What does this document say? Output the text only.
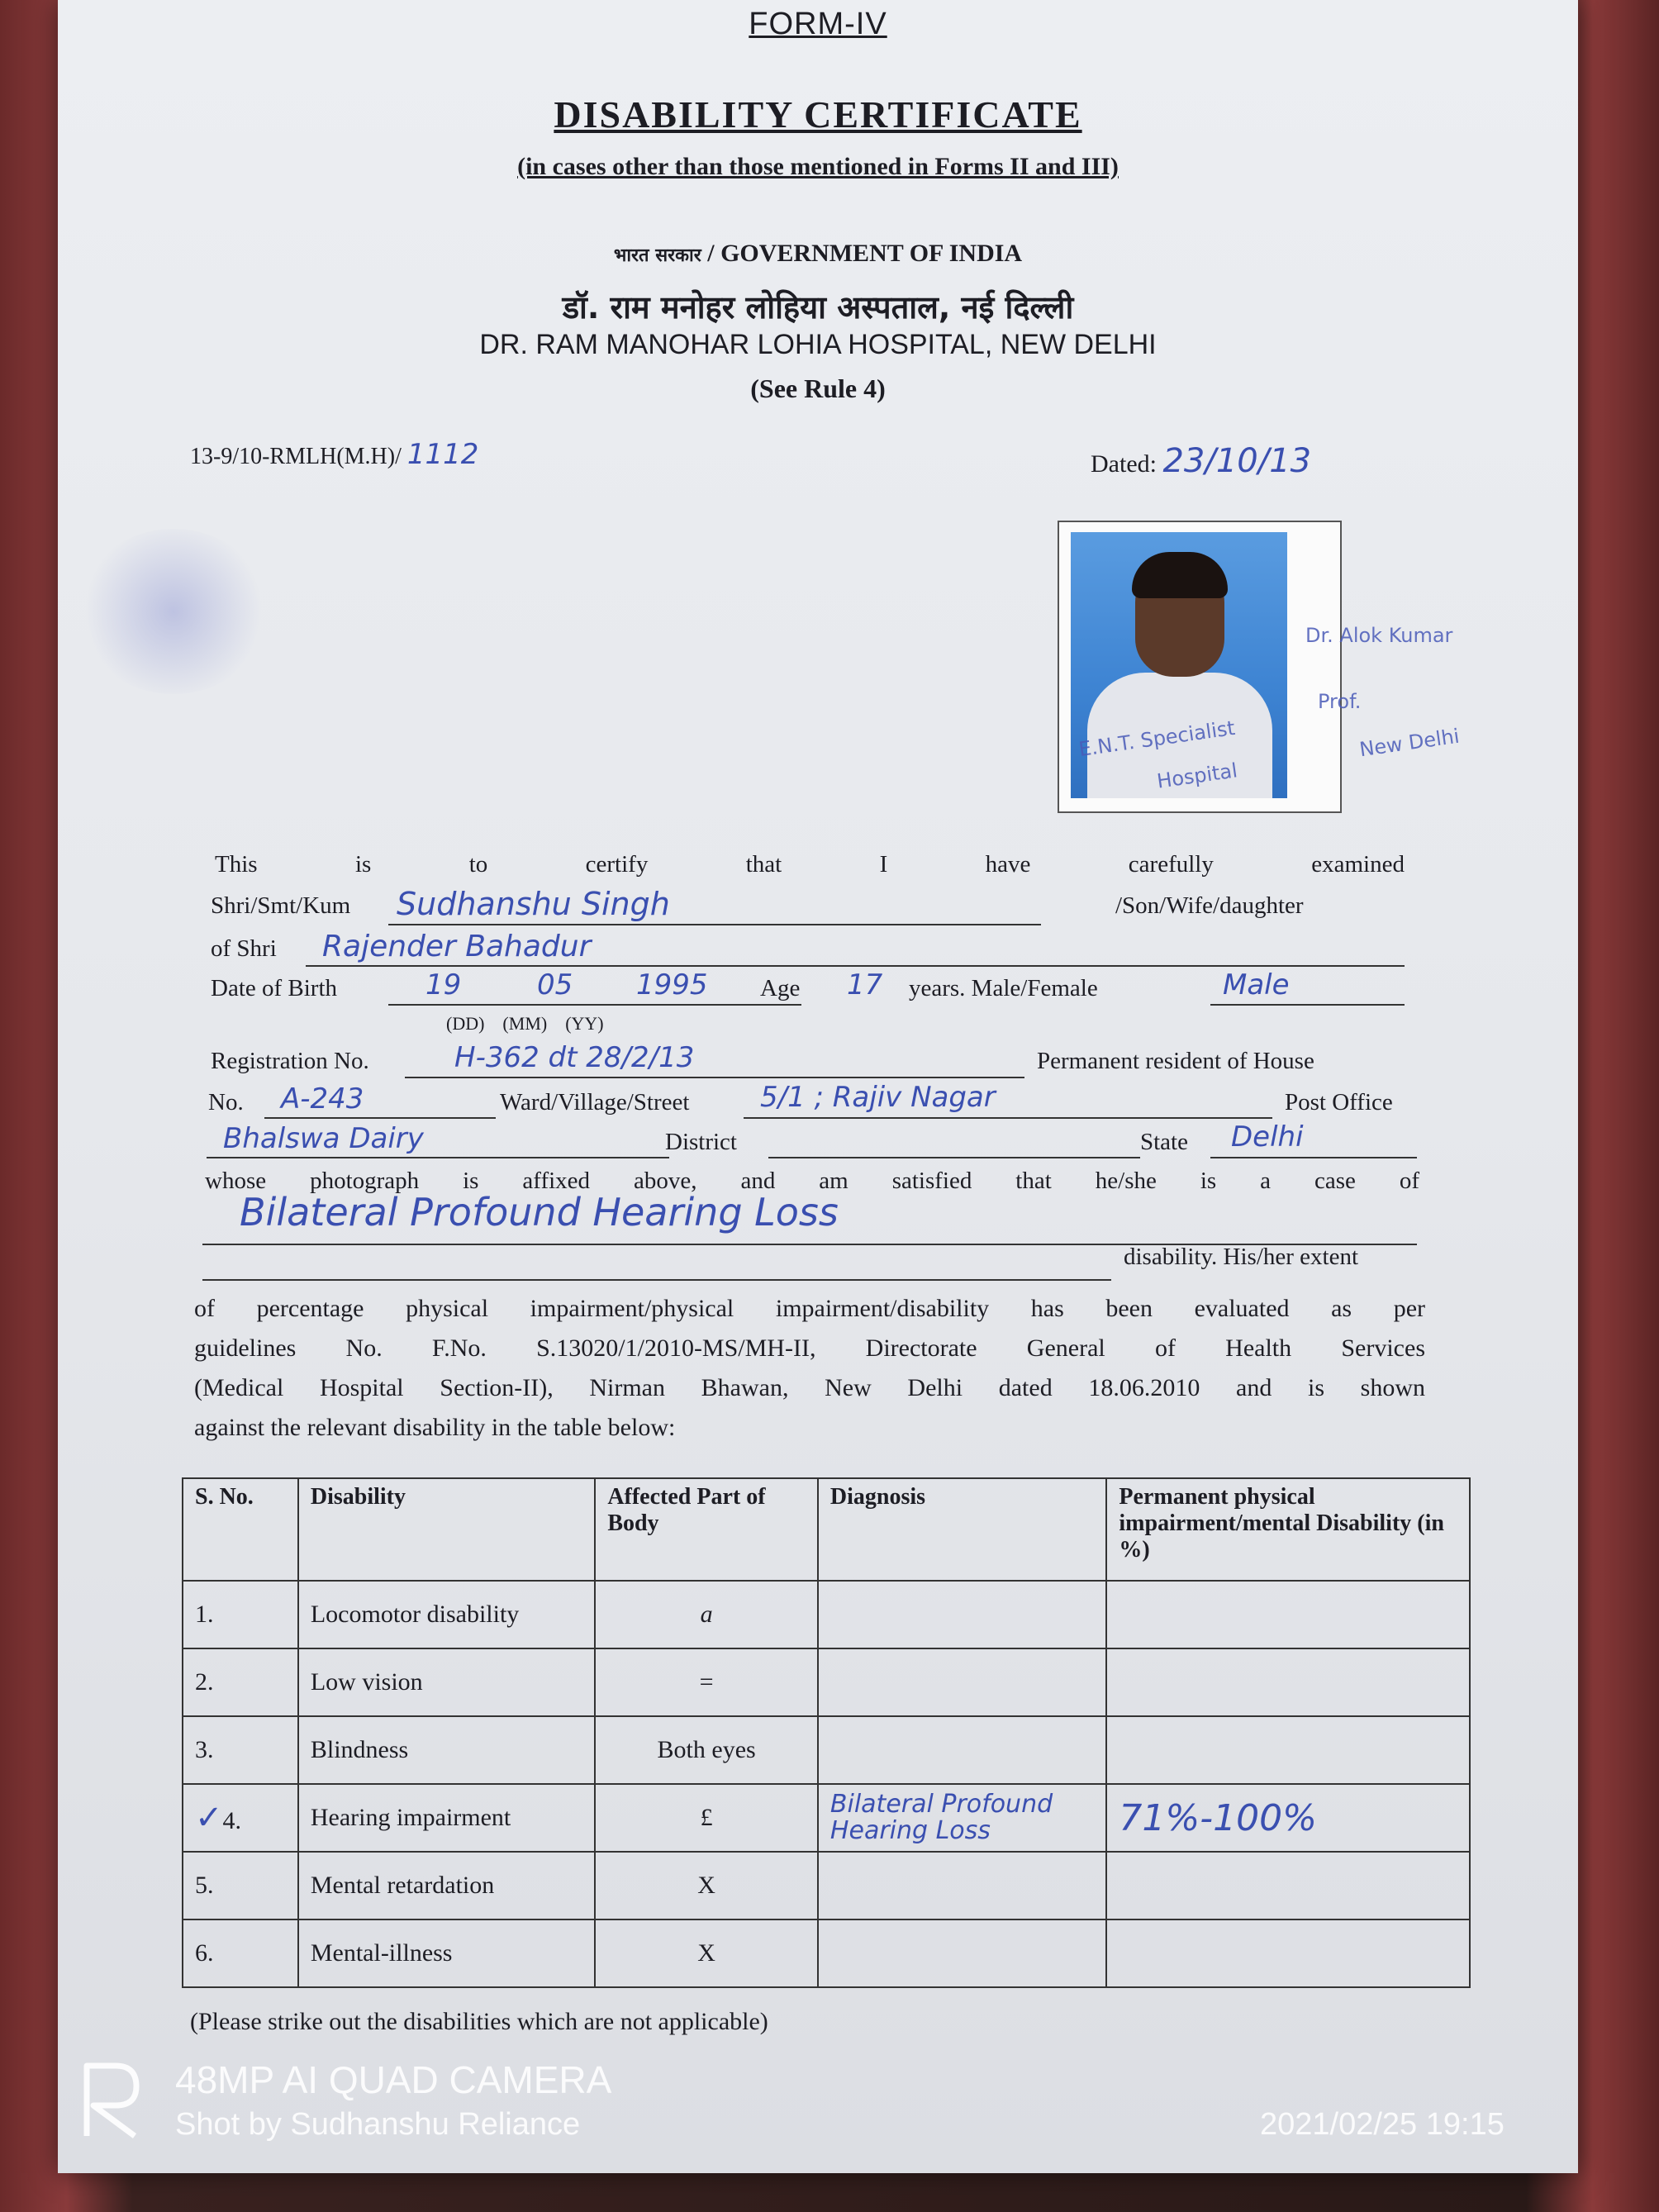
FORM-IV
DISABILITY CERTIFICATE
(in cases other than those mentioned in Forms II and III)
भारत सरकार / GOVERNMENT OF INDIA
डॉ. राम मनोहर लोहिया अस्पताल, नई दिल्ली
DR. RAM MANOHAR LOHIA HOSPITAL, NEW DELHI
(See Rule 4)
13-9/10-RMLH(M.H)/ 1112	Dated: 23/10/13
Dr. Alok Kumar
Prof.
E.N.T. Specialist
Hospital
New Delhi
This	is	to	certify	that	I	have	carefully	examined
Shri/Smt/Kum Sudhanshu Singh	/Son/Wife/daughter
of Shri Rajender Bahadur
Date of Birth	19	05 1995 Age 17 years. Male/Female	Male
(DD)    (MM)    (YY)
Registration No.	H-362 dt 28/2/13	Permanent resident of House
No. A-243	Ward/Village/Street	5/1 ; Rajiv Nagar	Post Office
Bhalswa Dairy	District	State Delhi
whose photograph is affixed above, and am satisfied that he/she is a case of
Bilateral Profound Hearing Loss
disability. His/her extent
of percentage physical impairment/physical impairment/disability has been evaluated as per
guidelines No. F.No. S.13020/1/2010-MS/MH-II, Directorate General of Health Services
(Medical Hospital Section-II), Nirman Bhawan, New Delhi dated 18.06.2010 and is shown
against the relevant disability in the table below:
S. No.	Disability	Affected Part of Body	Diagnosis	Permanent physical impairment/mental Disability (in %)
1.	Locomotor disability	a		
2.	Low vision	=		
3.	Blindness	Both eyes		
✓4.	Hearing impairment	£	Bilateral Profound Hearing Loss	71%-100%
5.	Mental retardation	X		
6.	Mental-illness	X		
(Please strike out the disabilities which are not applicable)
48MP AI QUAD CAMERA
Shot by Sudhanshu Reliance	2021/02/25 19:15
